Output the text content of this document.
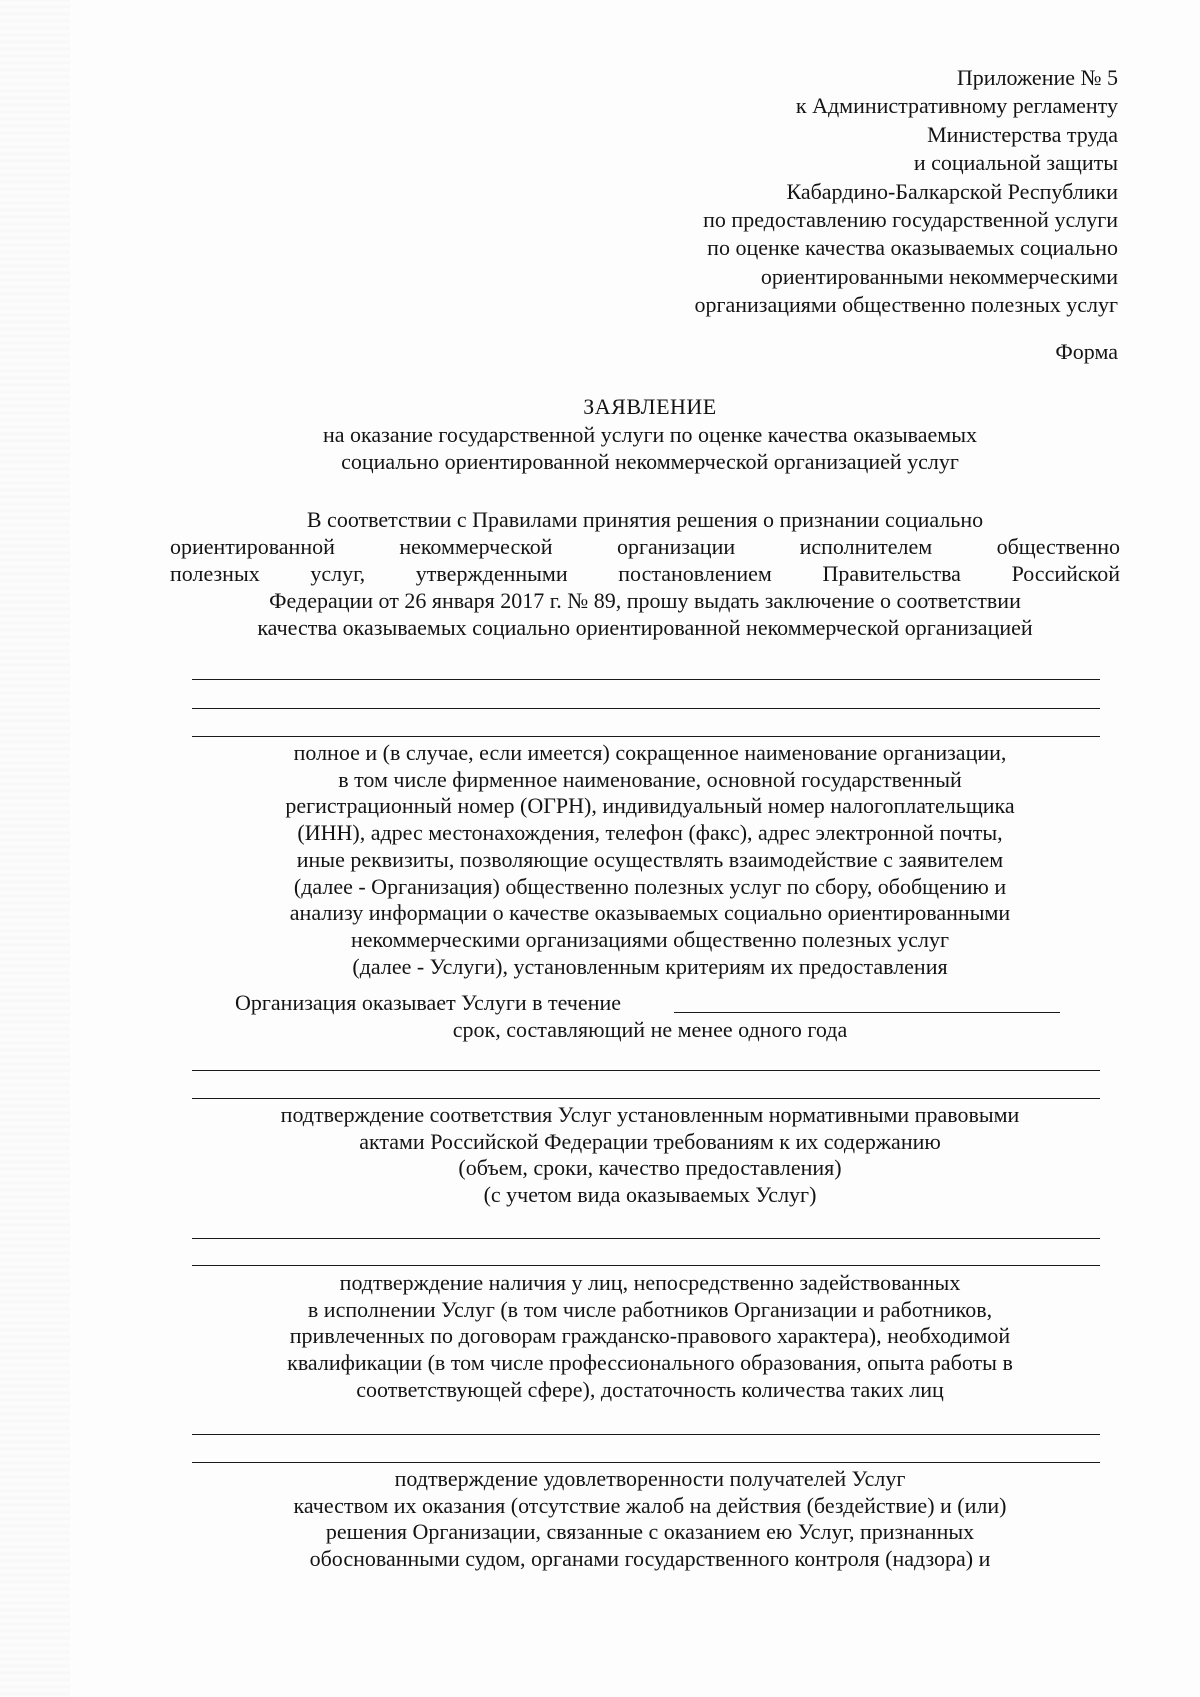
Приложение № 5
к Административному регламенту
Министерства труда
и социальной защиты
Кабардино-Балкарской Республики
по предоставлению государственной услуги
по оценке качества оказываемых социально
ориентированными некоммерческими
организациями общественно полезных услуг
Форма
ЗАЯВЛЕНИЕ
на оказание государственной услуги по оценке качества оказываемых
социально ориентированной некоммерческой организацией услуг
В соответствии с Правилами принятия решения о признании социально
ориентированной некоммерческой организации исполнителем общественно
полезных услуг, утвержденными постановлением Правительства Российской
Федерации от 26 января 2017 г. № 89, прошу выдать заключение о соответствии
качества оказываемых социально ориентированной некоммерческой организацией
полное и (в случае, если имеется) сокращенное наименование организации,
в том числе фирменное наименование, основной государственный
регистрационный номер (ОГРН), индивидуальный номер налогоплательщика
(ИНН), адрес местонахождения, телефон (факс), адрес электронной почты,
иные реквизиты, позволяющие осуществлять взаимодействие с заявителем
(далее - Организация) общественно полезных услуг по сбору, обобщению и
анализу информации о качестве оказываемых социально ориентированными
некоммерческими организациями общественно полезных услуг
(далее - Услуги), установленным критериям их предоставления
Организация оказывает Услуги в течение
срок, составляющий не менее одного года
подтверждение соответствия Услуг установленным нормативными правовыми
актами Российской Федерации требованиям к их содержанию
(объем, сроки, качество предоставления)
(с учетом вида оказываемых Услуг)
подтверждение наличия у лиц, непосредственно задействованных
в исполнении Услуг (в том числе работников Организации и работников,
привлеченных по договорам гражданско-правового характера), необходимой
квалификации (в том числе профессионального образования, опыта работы в
соответствующей сфере), достаточность количества таких лиц
подтверждение удовлетворенности получателей Услуг
качеством их оказания (отсутствие жалоб на действия (бездействие) и (или)
решения Организации, связанные с оказанием ею Услуг, признанных
обоснованными судом, органами государственного контроля (надзора) и
